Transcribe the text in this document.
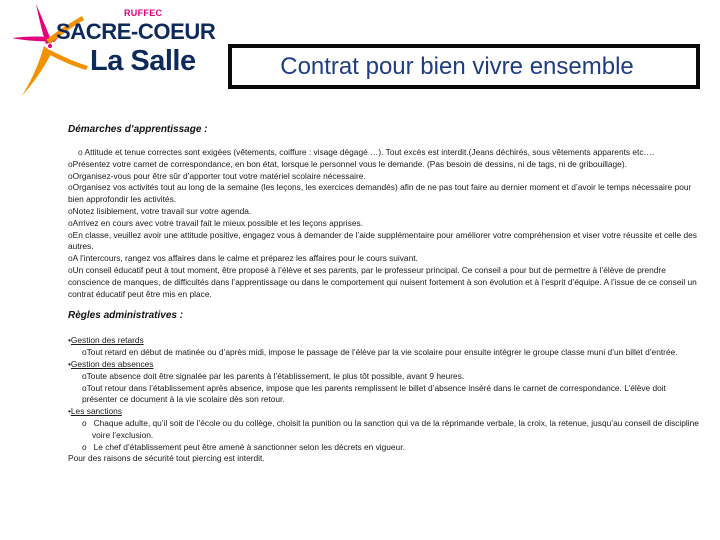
RUFFEC
SACRE-COEUR
La Salle	Contrat pour bien vivre ensemble
Démarches d’apprentissage :
o Attitude et tenue correctes sont exigées (vêtements, coiffure : visage dégagé …). Tout excès est interdit.(Jeans déchirés, sous vêtements apparents etc….
oPrésentez votre carnet de correspondance, en bon état, lorsque le personnel vous le demande. (Pas besoin de dessins, ni de tags, ni de gribouillage).
oOrganisez-vous pour être sûr d’apporter tout votre matériel scolaire nécessaire.
oOrganisez vos activités tout au long de la semaine (les leçons, les exercices demandés) afin de ne pas tout faire au dernier moment et d’avoir le temps nécessaire pour bien approfondir les activités.
oNotez lisiblement, votre travail sur votre agenda.
oArrivez en cours avec votre travail fait le mieux possible et les leçons apprises.
oEn classe, veuillez avoir une attitude positive, engagez vous à demander de l’aide supplémentaire pour améliorer votre compréhension et viser votre réussite et celle des autres.
oA l’intercours, rangez vos affaires dans le calme et préparez les affaires pour le cours suivant.
oUn conseil éducatif peut à tout moment, être proposé à l’élève et ses parents, par le professeur principal. Ce conseil a pour but de permettre à l’élève de prendre conscience de manques, de difficultés dans l’apprentissage ou dans le comportement qui nuisent fortement à son évolution et à l’esprit d’équipe. A l’issue de ce conseil un contrat éducatif peut être mis en place.
Règles administratives :
•Gestion des retards
oTout retard en début de matinée ou d’après midi, impose le passage de l’élève par la vie scolaire pour ensuite intégrer le groupe classe muni d’un billet d’entrée.
•Gestion des absences
oToute absence doit être signalée par les parents à l’établissement, le plus tôt possible, avant 9 heures.
oTout retour dans l’établissement après absence, impose que les parents remplissent le billet d’absence inséré dans le carnet de correspondance. L’élève doit présenter ce document à la vie scolaire dès son retour.
•Les sanctions
o Chaque adulte, qu’il soit de l’école ou du collège, choisit la punition ou la sanction qui va de la réprimande verbale, la croix, la retenue, jusqu’au conseil de discipline voire l’exclusion.
o Le chef d’établissement peut être amené à sanctionner selon les décrets en vigueur.
Pour des raisons de sécurité tout piercing est interdit.
